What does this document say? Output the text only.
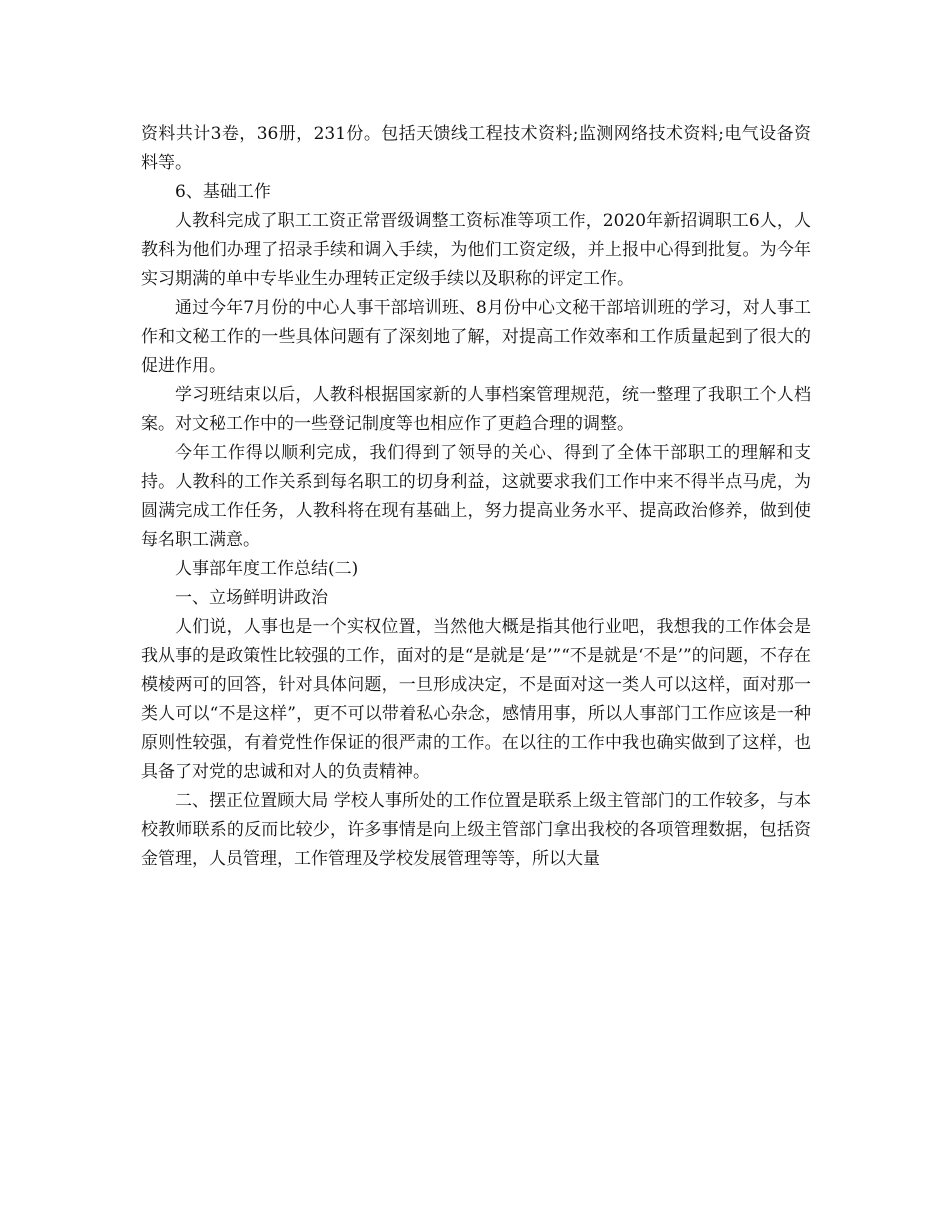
资料共计3卷，36册，231份。包括天馈线工程技术资料;监测网络技术资料;电气设备资料等。

6、基础工作

人教科完成了职工工资正常晋级调整工资标准等项工作，2020年新招调职工6人，人教科为他们办理了招录手续和调入手续，为他们工资定级，并上报中心得到批复。为今年实习期满的单中专毕业生办理转正定级手续以及职称的评定工作。

通过今年7月份的中心人事干部培训班、8月份中心文秘干部培训班的学习，对人事工作和文秘工作的一些具体问题有了深刻地了解，对提高工作效率和工作质量起到了很大的促进作用。

学习班结束以后，人教科根据国家新的人事档案管理规范，统一整理了我职工个人档案。对文秘工作中的一些登记制度等也相应作了更趋合理的调整。

今年工作得以顺利完成，我们得到了领导的关心、得到了全体干部职工的理解和支持。人教科的工作关系到每名职工的切身利益，这就要求我们工作中来不得半点马虎，为圆满完成工作任务，人教科将在现有基础上，努力提高业务水平、提高政治修养，做到使每名职工满意。

人事部年度工作总结(二)

一、立场鲜明讲政治

人们说，人事也是一个实权位置，当然他大概是指其他行业吧，我想我的工作体会是我从事的是政策性比较强的工作，面对的是“是就是‘是’”“不是就是‘不是’”的问题，不存在模棱两可的回答，针对具体问题，一旦形成决定，不是面对这一类人可以这样，面对那一类人可以“不是这样”，更不可以带着私心杂念，感情用事，所以人事部门工作应该是一种原则性较强，有着党性作保证的很严肃的工作。在以往的工作中我也确实做到了这样，也具备了对党的忠诚和对人的负责精神。

二、摆正位置顾大局 学校人事所处的工作位置是联系上级主管部门的工作较多，与本校教师联系的反而比较少，许多事情是向上级主管部门拿出我校的各项管理数据，包括资金管理，人员管理，工作管理及学校发展管理等等，所以大量
